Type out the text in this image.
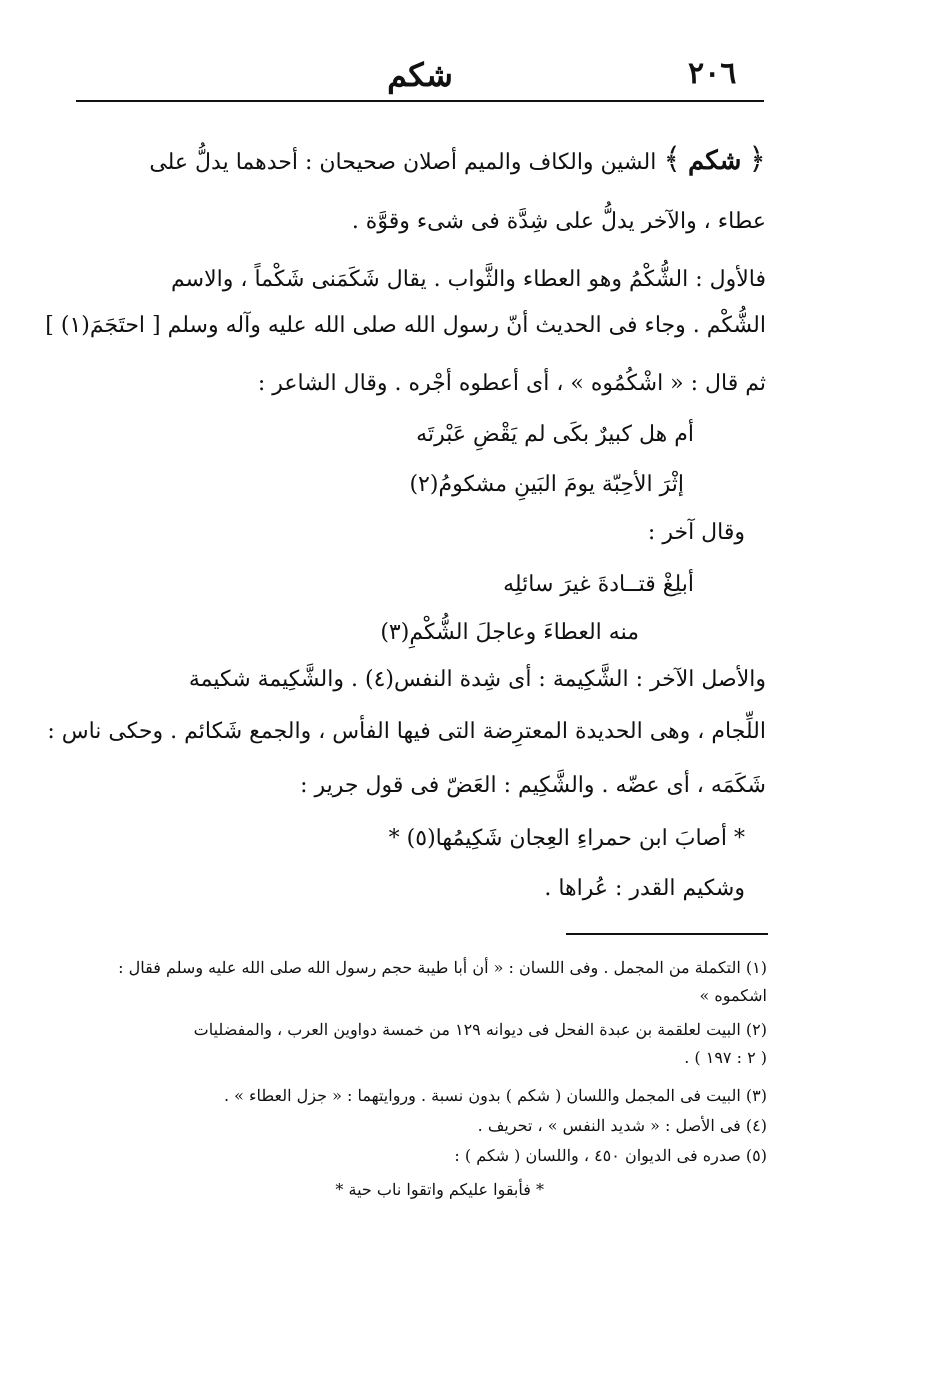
٢٠٦
شكم
﴿ شكم ﴾ الشين والكاف والميم أصلان صحيحان : أحدهما يدلُّ على
عطاء ، والآخر يدلُّ على شِدَّة فى شىء وقوَّة .
فالأول : الشُّكْمُ وهو العطاء والثَّواب . يقال شَكَمَنى شَكْماً ، والاسم
الشُّكْم . وجاء فى الحديث أنّ رسول الله صلى الله عليه وآله وسلم [ احتَجَمَ(١) ]
ثم قال : « اشْكُمُوه » ، أى أعطوه أجْره . وقال الشاعر :
أم هل كبيرٌ بكَى لم يَقْضِ عَبْرتَه
إثْرَ الأحِبّة يومَ البَينِ مشكومُ(٢)
وقال آخر :
أبلِغْ قتــادةَ غيرَ سائلِه
منه العطاءَ وعاجلَ الشُّكْمِ(٣)
والأصل الآخر : الشَّكِيمة : أى شِدة النفس(٤) . والشَّكِيمة شكيمة
اللِّجام ، وهى الحديدة المعترِضة التى فيها الفأس ، والجمع شَكائم . وحكى ناس :
شَكَمَه ، أى عضّه . والشَّكِيم : العَضّ فى قول جرير :
* أصابَ ابن حمراءِ العِجان شَكِيمُها(٥) *
وشكيم القدر : عُراها .
(١) التكملة من المجمل . وفى اللسان : « أن أبا طيبة حجم رسول الله صلى الله عليه وسلم فقال :
اشكموه »
(٢) البيت لعلقمة بن عبدة الفحل فى ديوانه ١٢٩ من خمسة دواوين العرب ، والمفضليات
( ٢ : ١٩٧ ) .
(٣) البيت فى المجمل واللسان ( شكم ) بدون نسبة . وروايتهما : « جزل العطاء » .
(٤) فى الأصل : « شديد النفس » ، تحريف .
(٥) صدره فى الديوان ٤٥٠ ، واللسان ( شكم ) :
* فأبقوا عليكم واتقوا ناب حية *
